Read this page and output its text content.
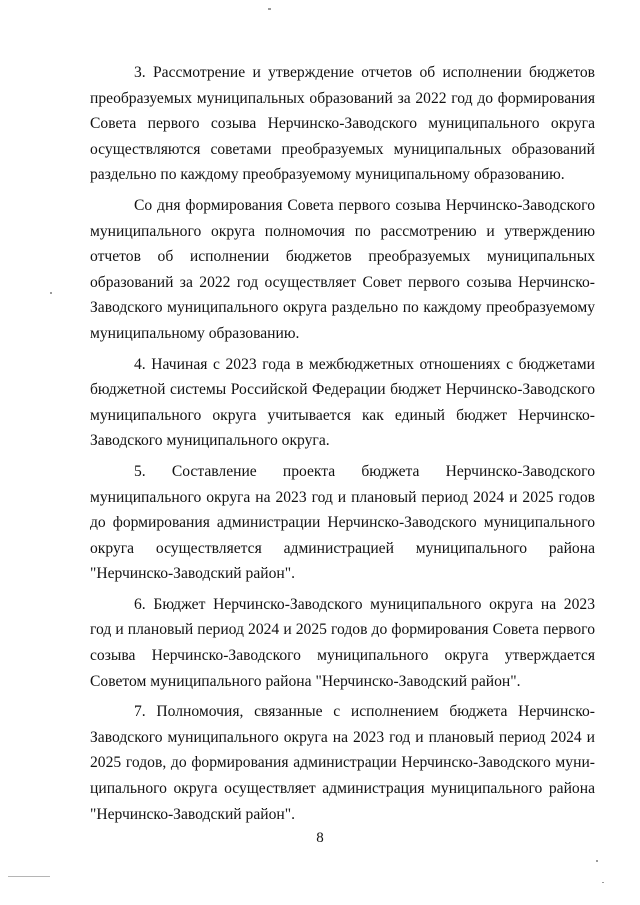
3. Рассмотрение и утверждение отчетов об исполнении бюджетов преобразуемых муниципальных образований за 2022 год до формирования Совета первого созыва Нерчинско-Заводского муниципального округа осуществляются советами преобразуемых муниципальных образований раздельно по каждому преобразуемому муниципальному образованию.

Со дня формирования Совета первого созыва Нерчинско-Заводского муниципального округа полномочия по рассмотрению и утверждению отчетов об исполнении бюджетов преобразуемых муниципальных образований за 2022 год осуществляет Совет первого созыва Нерчинско-Заводского муниципального округа раздельно по каждому преобразуемому муниципальному образованию.

4. Начиная с 2023 года в межбюджетных отношениях с бюджетами бюджетной системы Российской Федерации бюджет Нерчинско-Заводского муниципального округа учитывается как единый бюджет Нерчинско-Заводского муниципального округа.

5. Составление проекта бюджета Нерчинско-Заводского муниципального округа на 2023 год и плановый период 2024 и 2025 годов до формирования администрации Нерчинско-Заводского муниципального округа осуществляется администрацией муниципального района "Нерчинско-Заводский район".

6. Бюджет Нерчинско-Заводского муниципального округа на 2023 год и плановый период 2024 и 2025 годов до формирования Совета первого созыва Нерчинско-Заводского муниципального округа утверждается Советом муниципального района "Нерчинско-Заводский район".

7. Полномочия, связанные с исполнением бюджета Нерчинско-Заводского муниципального округа на 2023 год и плановый период 2024 и 2025 годов, до формирования администрации Нерчинско-Заводского муниципального округа осуществляет администрация муниципального района "Нерчинско-Заводский район".

8
